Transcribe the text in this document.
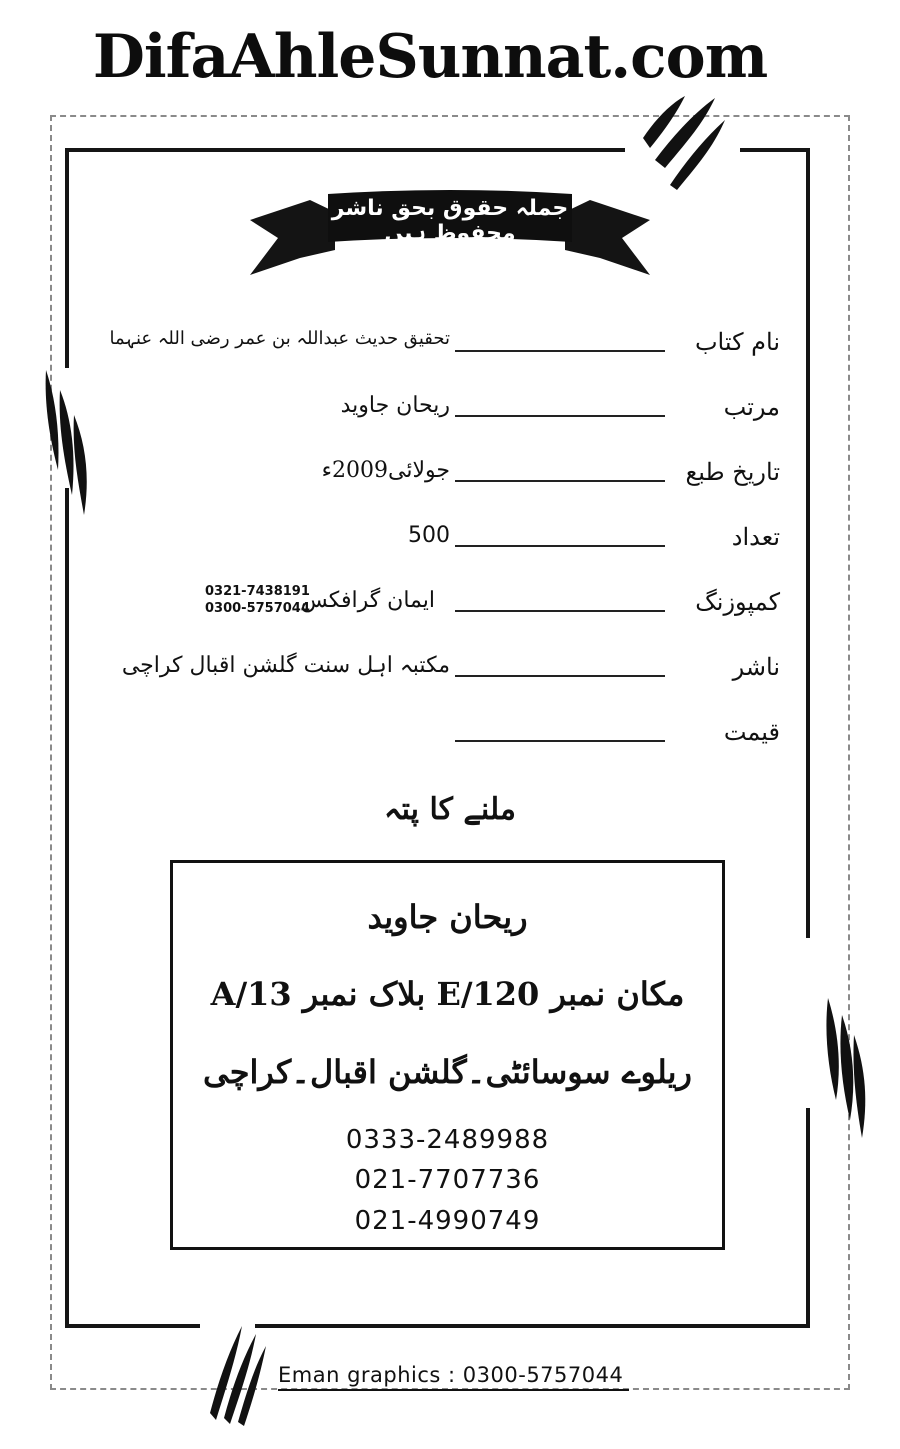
DifaAhleSunnat.com
جملہ حقوق بحق ناشر محفوظ ہیں
نام کتاب
تحقیق حدیث عبداللہ بن عمر رضی اللہ عنہما
مرتب
ریحان جاوید
تاریخ طبع
جولائی2009ء
تعداد
500
کمپوزنگ
ایمان گرافکس
0321-7438191
0300-5757044
ناشر
مکتبہ اہل سنت گلشن اقبال کراچی
قیمت
ملنے کا پتہ
ریحان جاوید
مکان نمبر E/120 بلاک نمبر 13/A
ریلوے سوسائٹی۔گلشن اقبال۔کراچی
0333-2489988
021-7707736
021-4990749
Eman graphics : 0300-5757044
